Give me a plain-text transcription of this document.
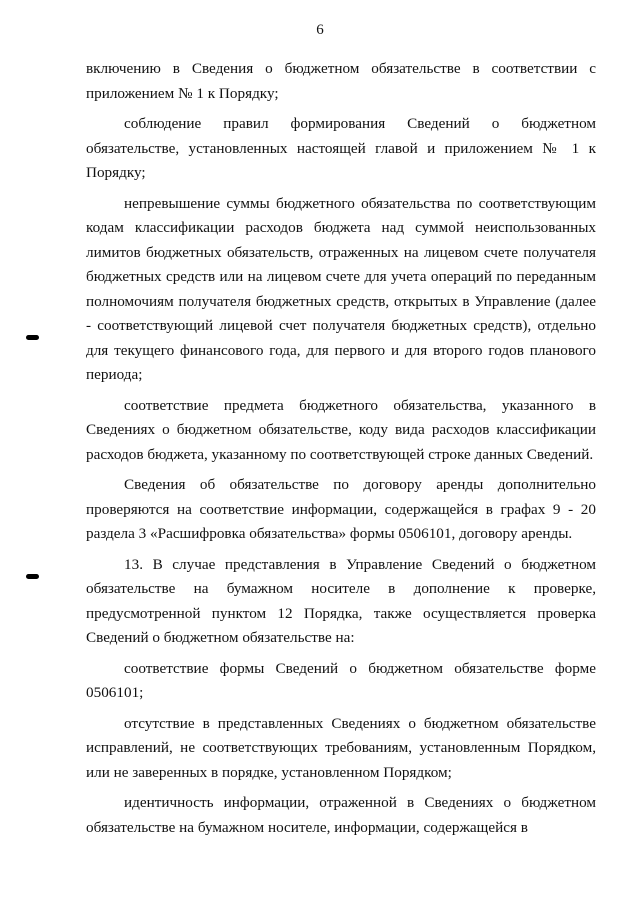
6

включению в Сведения о бюджетном обязательстве в соответствии с приложением № 1 к Порядку;

соблюдение правил формирования Сведений о бюджетном обязательстве, установленных настоящей главой и приложением № 1 к Порядку;

непревышение суммы бюджетного обязательства по соответствующим кодам классификации расходов бюджета над суммой неиспользованных лимитов бюджетных обязательств, отраженных на лицевом счете получателя бюджетных средств или на лицевом счете для учета операций по переданным полномочиям получателя бюджетных средств, открытых в Управление (далее - соответствующий лицевой счет получателя бюджетных средств), отдельно для текущего финансового года, для первого и для второго годов планового периода;

соответствие предмета бюджетного обязательства, указанного в Сведениях о бюджетном обязательстве, коду вида расходов классификации расходов бюджета, указанному по соответствующей строке данных Сведений.

Сведения об обязательстве по договору аренды дополнительно проверяются на соответствие информации, содержащейся в графах 9 - 20 раздела 3 «Расшифровка обязательства» формы 0506101, договору аренды.

13. В случае представления в Управление Сведений о бюджетном обязательстве на бумажном носителе в дополнение к проверке, предусмотренной пунктом 12 Порядка, также осуществляется проверка Сведений о бюджетном обязательстве на:

соответствие формы Сведений о бюджетном обязательстве форме 0506101;

отсутствие в представленных Сведениях о бюджетном обязательстве исправлений, не соответствующих требованиям, установленным Порядком, или не заверенных в порядке, установленном Порядком;

идентичность информации, отраженной в Сведениях о бюджетном обязательстве на бумажном носителе, информации, содержащейся в
